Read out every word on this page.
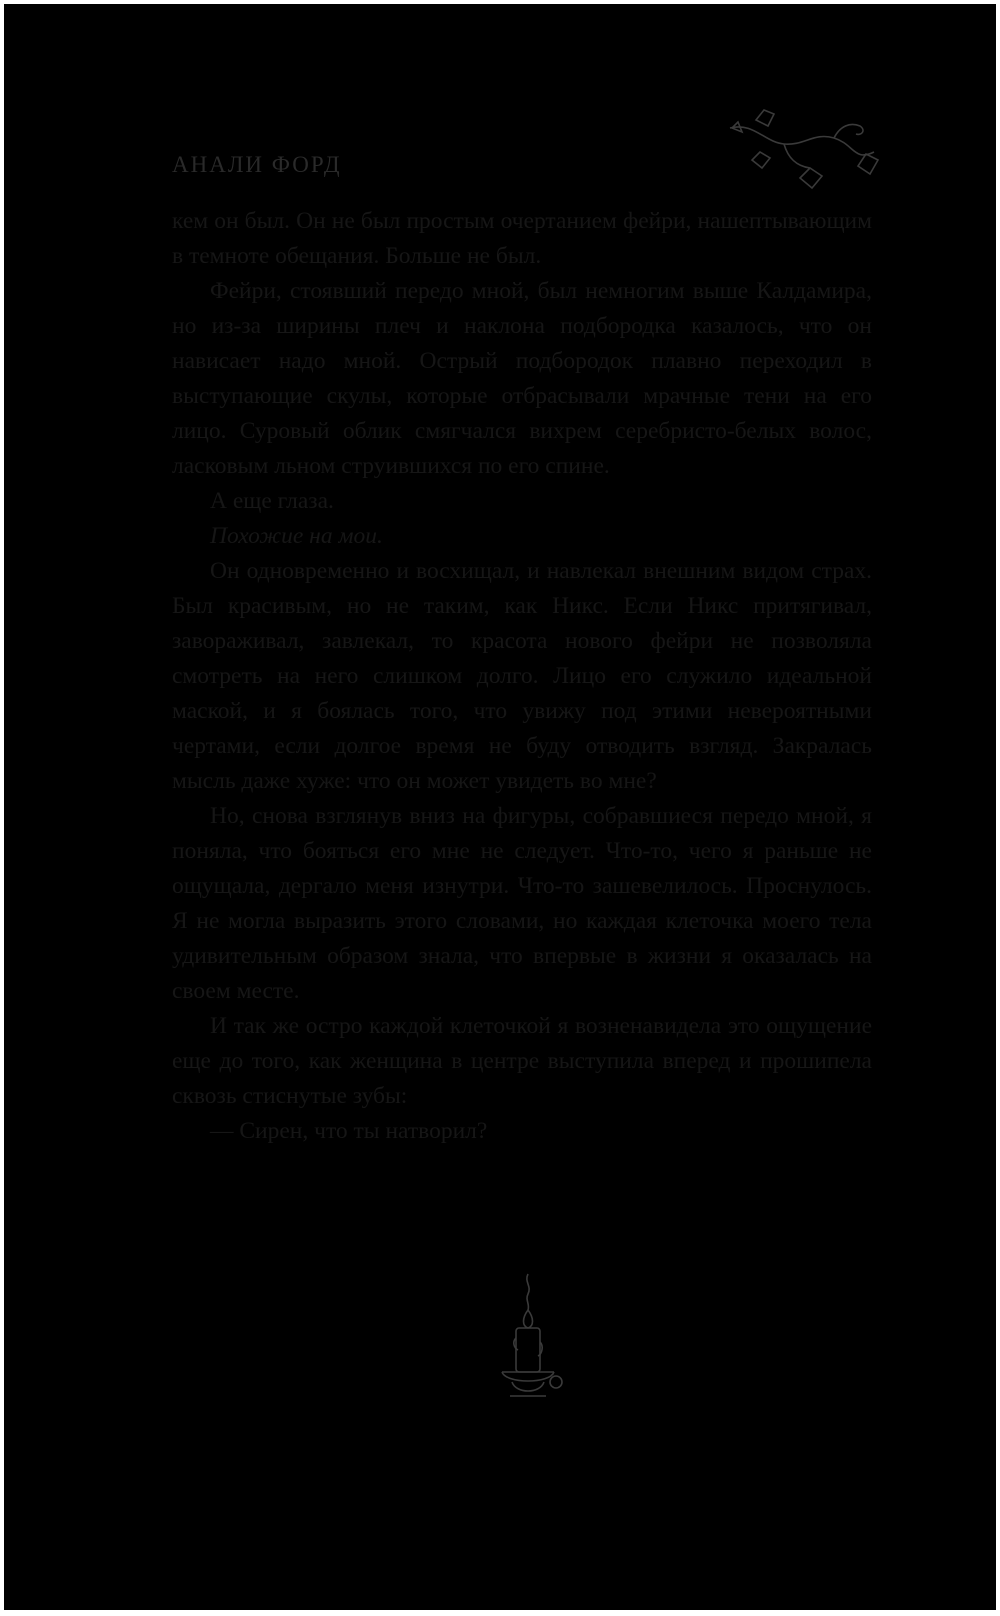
АНАЛИ ФОРД

кем он был. Он не был простым очертанием фейри, нашептывающим в темноте обещания. Больше не был.

Фейри, стоявший передо мной, был немногим выше Калдамира, но из-за ширины плеч и наклона подбородка казалось, что он нависает надо мной. Острый подбородок плавно переходил в выступающие скулы, которые отбрасывали мрачные тени на его лицо. Суровый облик смягчался вихрем серебристо-белых волос, ласковым льном струившихся по его спине.

А еще глаза.

Похожие на мои.

Он одновременно и восхищал, и навлекал внешним видом страх. Был красивым, но не таким, как Никс. Если Никс притягивал, завораживал, завлекал, то красота нового фейри не позволяла смотреть на него слишком долго. Лицо его служило идеальной маской, и я боялась того, что увижу под этими невероятными чертами, если долгое время не буду отводить взгляд. Закралась мысль даже хуже: что он может увидеть во мне?

Но, снова взглянув вниз на фигуры, собравшиеся передо мной, я поняла, что бояться его мне не следует. Что-то, чего я раньше не ощущала, дергало меня изнутри. Что-то зашевелилось. Проснулось. Я не могла выразить этого словами, но каждая клеточка моего тела удивительным образом знала, что впервые в жизни я оказалась на своем месте.

И так же остро каждой клеточкой я возненавидела это ощущение еще до того, как женщина в центре выступила вперед и прошипела сквозь стиснутые зубы:

— Сирен, что ты натворил?
